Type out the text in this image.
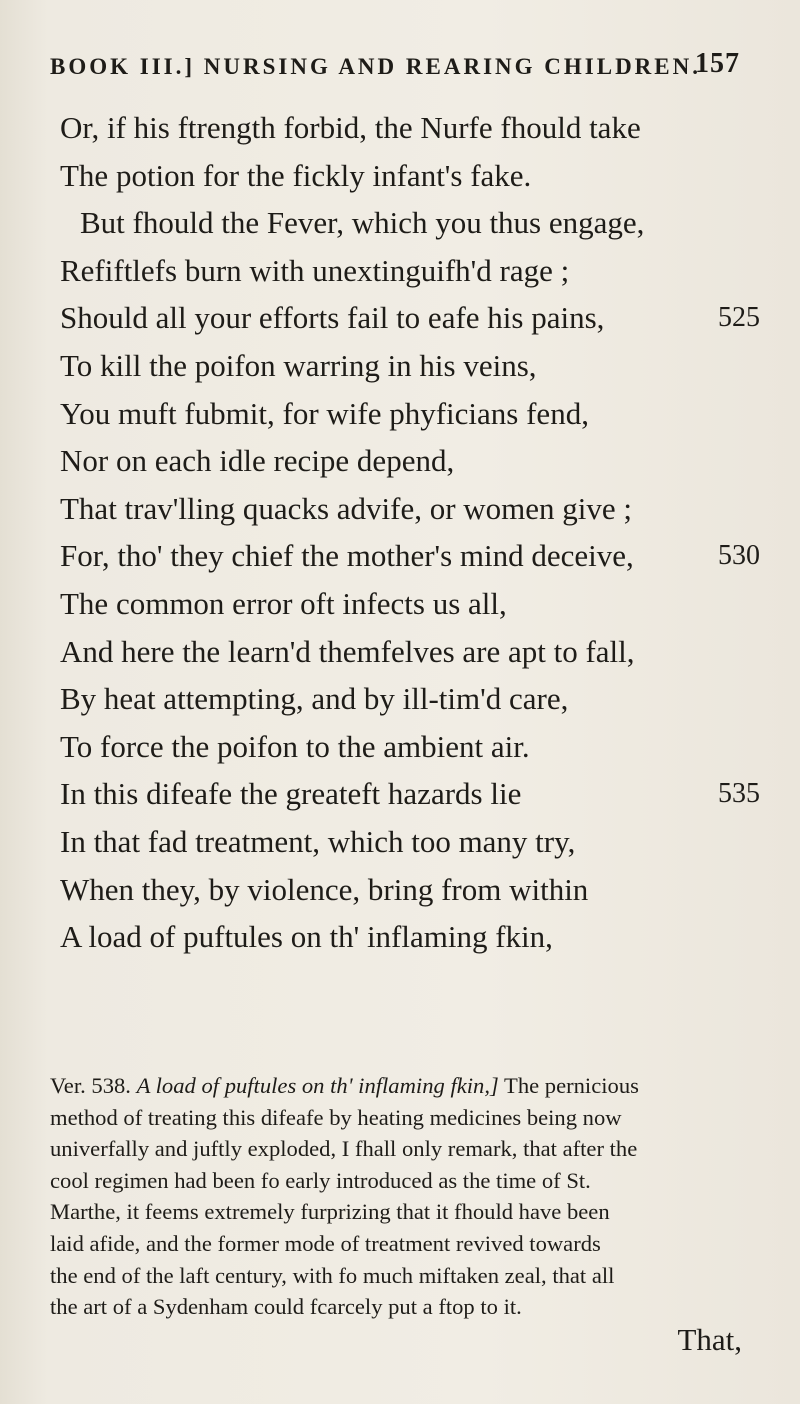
BOOK III.] NURSING AND REARING CHILDREN.
157
Or, if his ftrength forbid, the Nurfe fhould take
The potion for the fickly infant's fake.
But fhould the Fever, which you thus engage,
Refiftlefs burn with unextinguifh'd rage ;
Should all your efforts fail to eafe his pains,	525
To kill the poifon warring in his veins,
You muft fubmit, for wife phyficians fend,
Nor on each idle recipe depend,
That trav'lling quacks advife, or women give ;
For, tho' they chief the mother's mind deceive,	530
The common error oft infects us all,
And here the learn'd themfelves are apt to fall,
By heat attempting, and by ill-tim'd care,
To force the poifon to the ambient air.
In this difeafe the greateft hazards lie	535
In that fad treatment, which too many try,
When they, by violence, bring from within
A load of puftules on th' inflaming fkin,
Ver. 538. A load of puftules on th' inflaming fkin,] The pernicious
method of treating this difeafe by heating medicines being now
univerfally and juftly exploded, I fhall only remark, that after the
cool regimen had been fo early introduced as the time of St.
Marthe, it feems extremely furprizing that it fhould have been
laid afide, and the former mode of treatment revived towards
the end of the laft century, with fo much miftaken zeal, that all
the art of a Sydenham could fcarcely put a ftop to it.
That,
